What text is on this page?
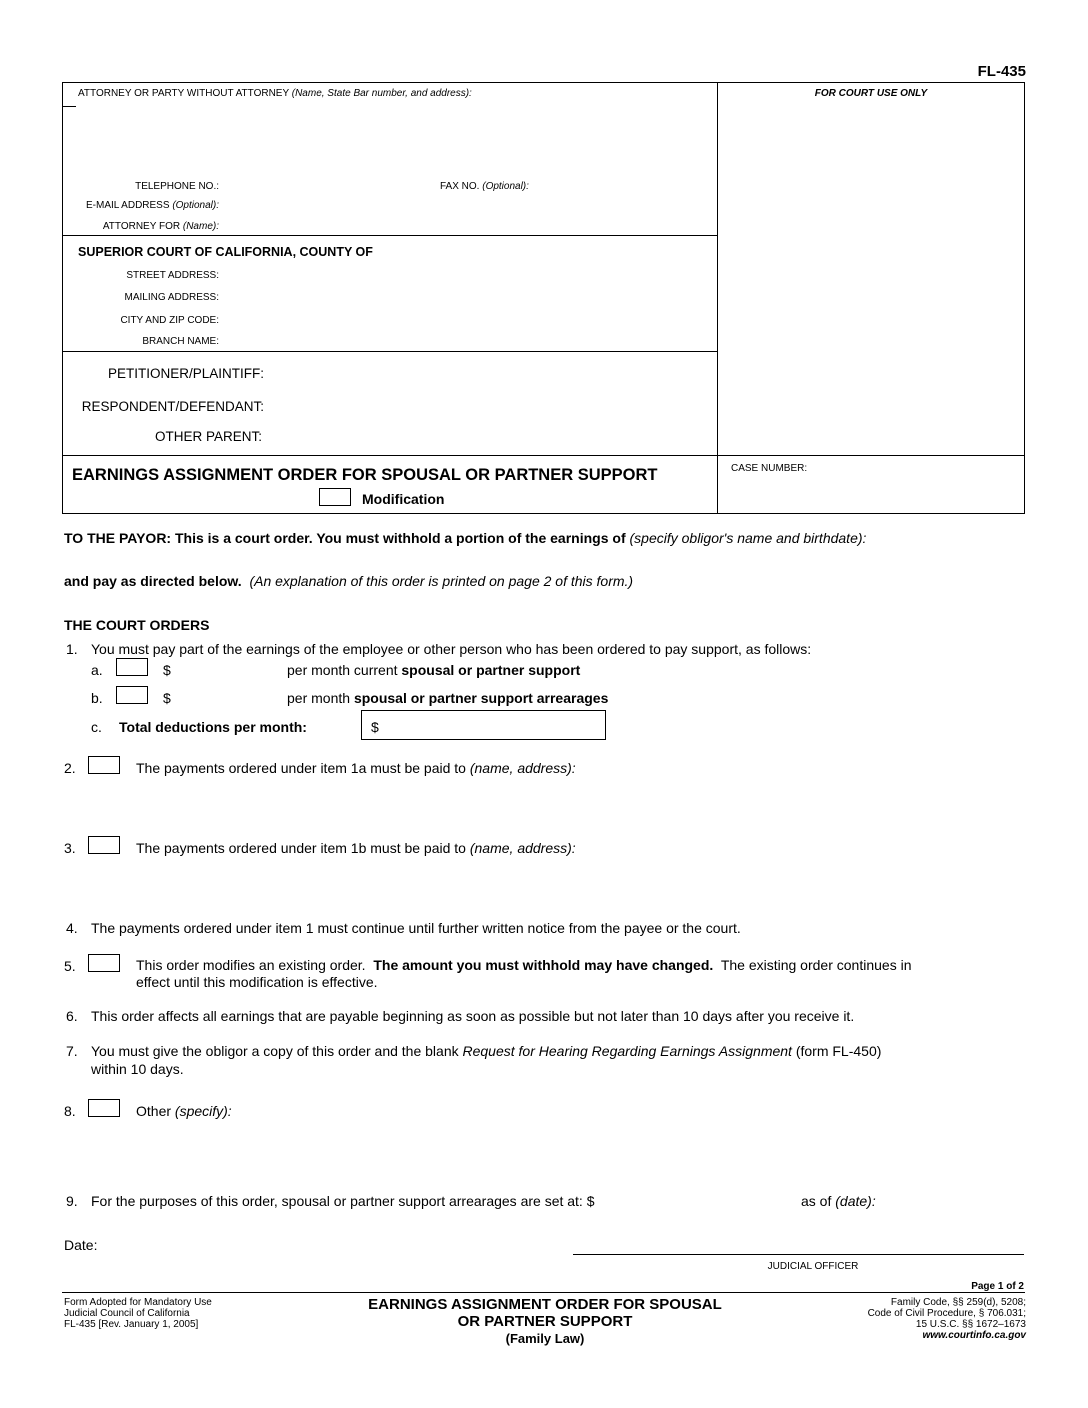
FL-435
ATTORNEY OR PARTY WITHOUT ATTORNEY (Name, State Bar number, and address):	FOR COURT USE ONLY
TELEPHONE NO.:	FAX NO. (Optional):
E-MAIL ADDRESS (Optional):
ATTORNEY FOR (Name):
SUPERIOR COURT OF CALIFORNIA, COUNTY OF
STREET ADDRESS:
MAILING ADDRESS:
CITY AND ZIP CODE:
BRANCH NAME:
PETITIONER/PLAINTIFF:
RESPONDENT/DEFENDANT:
OTHER PARENT:
EARNINGS ASSIGNMENT ORDER FOR SPOUSAL OR PARTNER SUPPORT
Modification
CASE NUMBER:
TO THE PAYOR: This is a court order. You must withhold a portion of the earnings of (specify obligor's name and birthdate):
and pay as directed below. (An explanation of this order is printed on page 2 of this form.)
THE COURT ORDERS
1. You must pay part of the earnings of the employee or other person who has been ordered to pay support, as follows:
a.	$	per month current spousal or partner support
b.	$	per month spousal or partner support arrearages
c. Total deductions per month:	$
2.	The payments ordered under item 1a must be paid to (name, address):
3.	The payments ordered under item 1b must be paid to (name, address):
4. The payments ordered under item 1 must continue until further written notice from the payee or the court.
5.	This order modifies an existing order. The amount you must withhold may have changed. The existing order continues in
effect until this modification is effective.
6. This order affects all earnings that are payable beginning as soon as possible but not later than 10 days after you receive it.
7. You must give the obligor a copy of this order and the blank Request for Hearing Regarding Earnings Assignment (form FL-450)
within 10 days.
8.	Other (specify):
9. For the purposes of this order, spousal or partner support arrearages are set at: $	as of (date):
Date:
JUDICIAL OFFICER
Page 1 of 2
Form Adopted for Mandatory Use
Judicial Council of California
FL-435 [Rev. January 1, 2005]
EARNINGS ASSIGNMENT ORDER FOR SPOUSAL
OR PARTNER SUPPORT
(Family Law)
Family Code, §§ 259(d), 5208;
Code of Civil Procedure, § 706.031;
15 U.S.C. §§ 1672–1673
www.courtinfo.ca.gov
